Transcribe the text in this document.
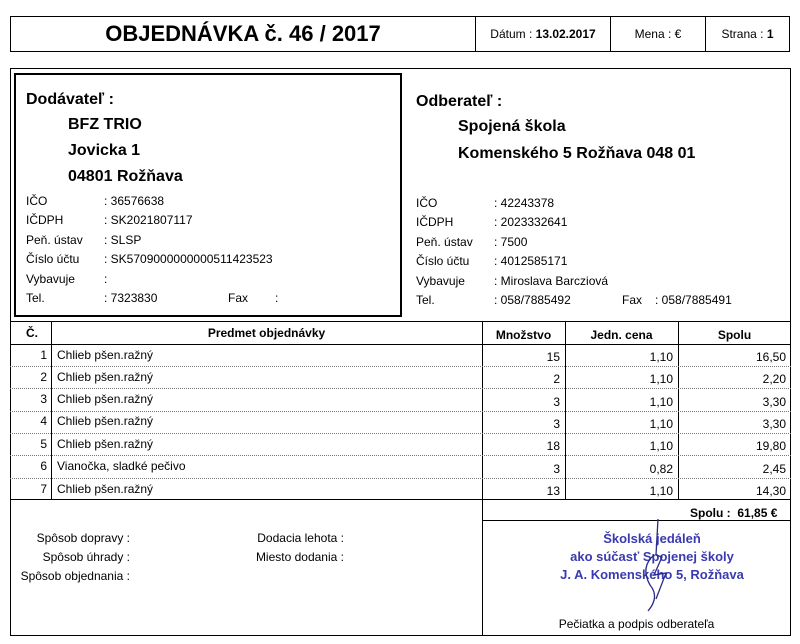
OBJEDNÁVKA č. 46 / 2017	Dátum :
13.02.2017	Mena :
€	Strana :
1
Dodávateľ :
BFZ TRIO
Jovicka 1
04801 Rožňava
IČO	: 36576638
IČDPH	: SK2021807117
Peň. ústav : SLSP
Číslo účtu : SK5709000000000511423523
Vybavuje :
Tel.	: 7323830	Fax :
Odberateľ :
Spojená škola
Komenského 5 Rožňava 048 01
IČO	: 42243378
IČDPH	: 2023332641
Peň. ústav : 7500
Číslo účtu : 4012585171
Vybavuje : Miroslava Barcziová
Tel.	: 058/7885492	Fax : 058/7885491
Č.	Predmet objednávky	Množstvo	Jedn. cena	Spolu
1 Chlieb pšen.ražný	15	1,10	16,50
2 Chlieb pšen.ražný	2	1,10	2,20
3 Chlieb pšen.ražný	3	1,10	3,30
4 Chlieb pšen.ražný	3	1,10	3,30
5 Chlieb pšen.ražný	18	1,10	19,80
6 Vianočka, sladké pečivo	3	0,82	2,45
7 Chlieb pšen.ražný	13	1,10	14,30
Spolu : 61,85 €
Spôsob dopravy :
Spôsob úhrady :
Spôsob objednania :
Dodacia lehota :
Miesto dodania :
Školská jedáleň
ako súčasť Spojenej školy
J. A. Komenského 5, Rožňava
Pečiatka a podpis odberateľa
